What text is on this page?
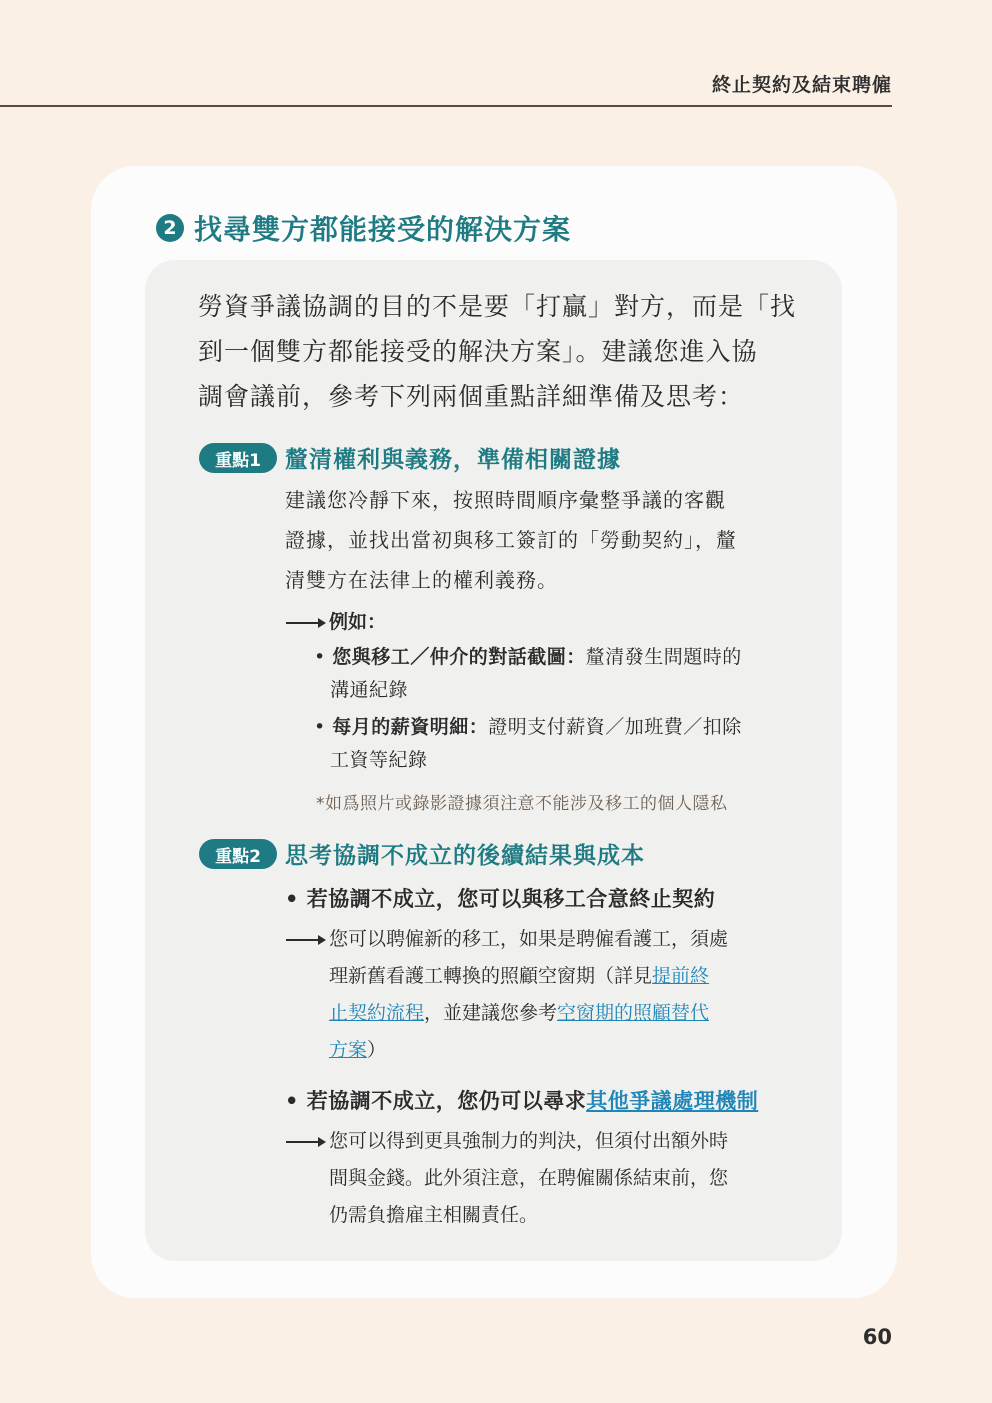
終止契約及結束聘僱
2 找尋雙方都能接受的解決方案
勞資爭議協調的目的不是要「打贏」對方，而是「找
到一個雙方都能接受的解決方案」。建議您進入協
調會議前，參考下列兩個重點詳細準備及思考：
重點1	釐清權利與義務，準備相關證據
建議您冷靜下來，按照時間順序彙整爭議的客觀
證據，並找出當初與移工簽訂的「勞動契約」，釐
清雙方在法律上的權利義務。
例如：
• 您與移工／仲介的對話截圖：釐清發生問題時的
溝通紀錄
• 每月的薪資明細：證明支付薪資／加班費／扣除
工資等紀錄
*如爲照片或錄影證據須注意不能涉及移工的個人隱私
重點2	思考協調不成立的後續結果與成本
• 若協調不成立，您可以與移工合意終止契約
您可以聘僱新的移工，如果是聘僱看護工，須處
理新舊看護工轉換的照顧空窗期（詳見提前終
止契約流程，並建議您參考空窗期的照顧替代
方案）
• 若協調不成立，您仍可以尋求其他爭議處理機制
您可以得到更具強制力的判決，但須付出額外時
間與金錢。此外須注意，在聘僱關係結束前，您
仍需負擔雇主相關責任。
60
